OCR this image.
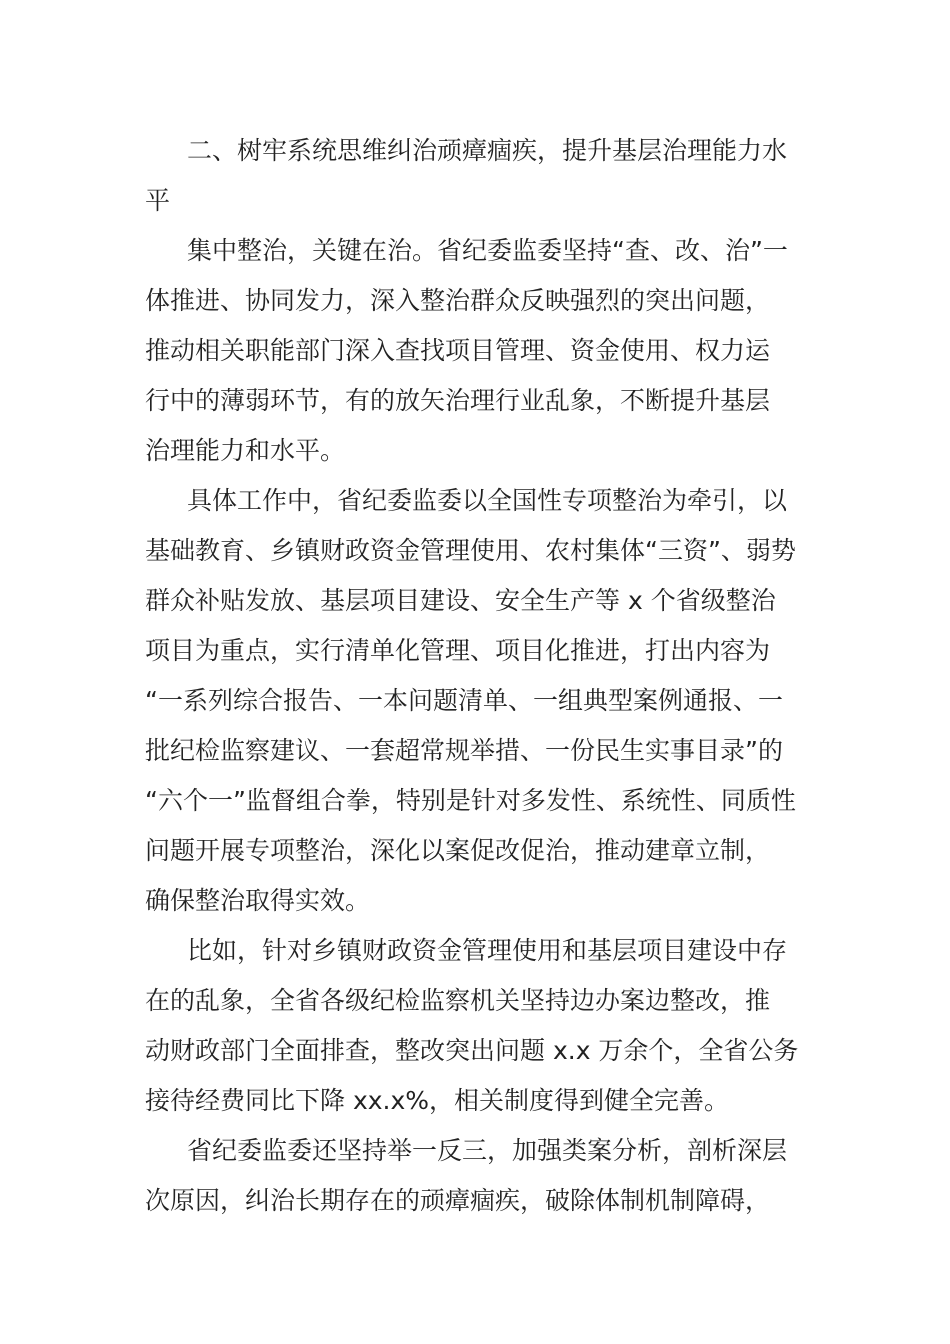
二、树牢系统思维纠治顽瘴痼疾，提升基层治理能力水
平

集中整治，关键在治。省纪委监委坚持“查、改、治”一
体推进、协同发力，深入整治群众反映强烈的突出问题，
推动相关职能部门深入查找项目管理、资金使用、权力运
行中的薄弱环节，有的放矢治理行业乱象，不断提升基层
治理能力和水平。

具体工作中，省纪委监委以全国性专项整治为牵引，以
基础教育、乡镇财政资金管理使用、农村集体“三资”、弱势
群众补贴发放、基层项目建设、安全生产等 x 个省级整治
项目为重点，实行清单化管理、项目化推进，打出内容为
“一系列综合报告、一本问题清单、一组典型案例通报、一
批纪检监察建议、一套超常规举措、一份民生实事目录”的
“六个一”监督组合拳，特别是针对多发性、系统性、同质性
问题开展专项整治，深化以案促改促治，推动建章立制，
确保整治取得实效。

比如，针对乡镇财政资金管理使用和基层项目建设中存
在的乱象，全省各级纪检监察机关坚持边办案边整改，推
动财政部门全面排查，整改突出问题 x.x 万余个，全省公务
接待经费同比下降 xx.x%，相关制度得到健全完善。

省纪委监委还坚持举一反三，加强类案分析，剖析深层
次原因，纠治长期存在的顽瘴痼疾，破除体制机制障碍，
